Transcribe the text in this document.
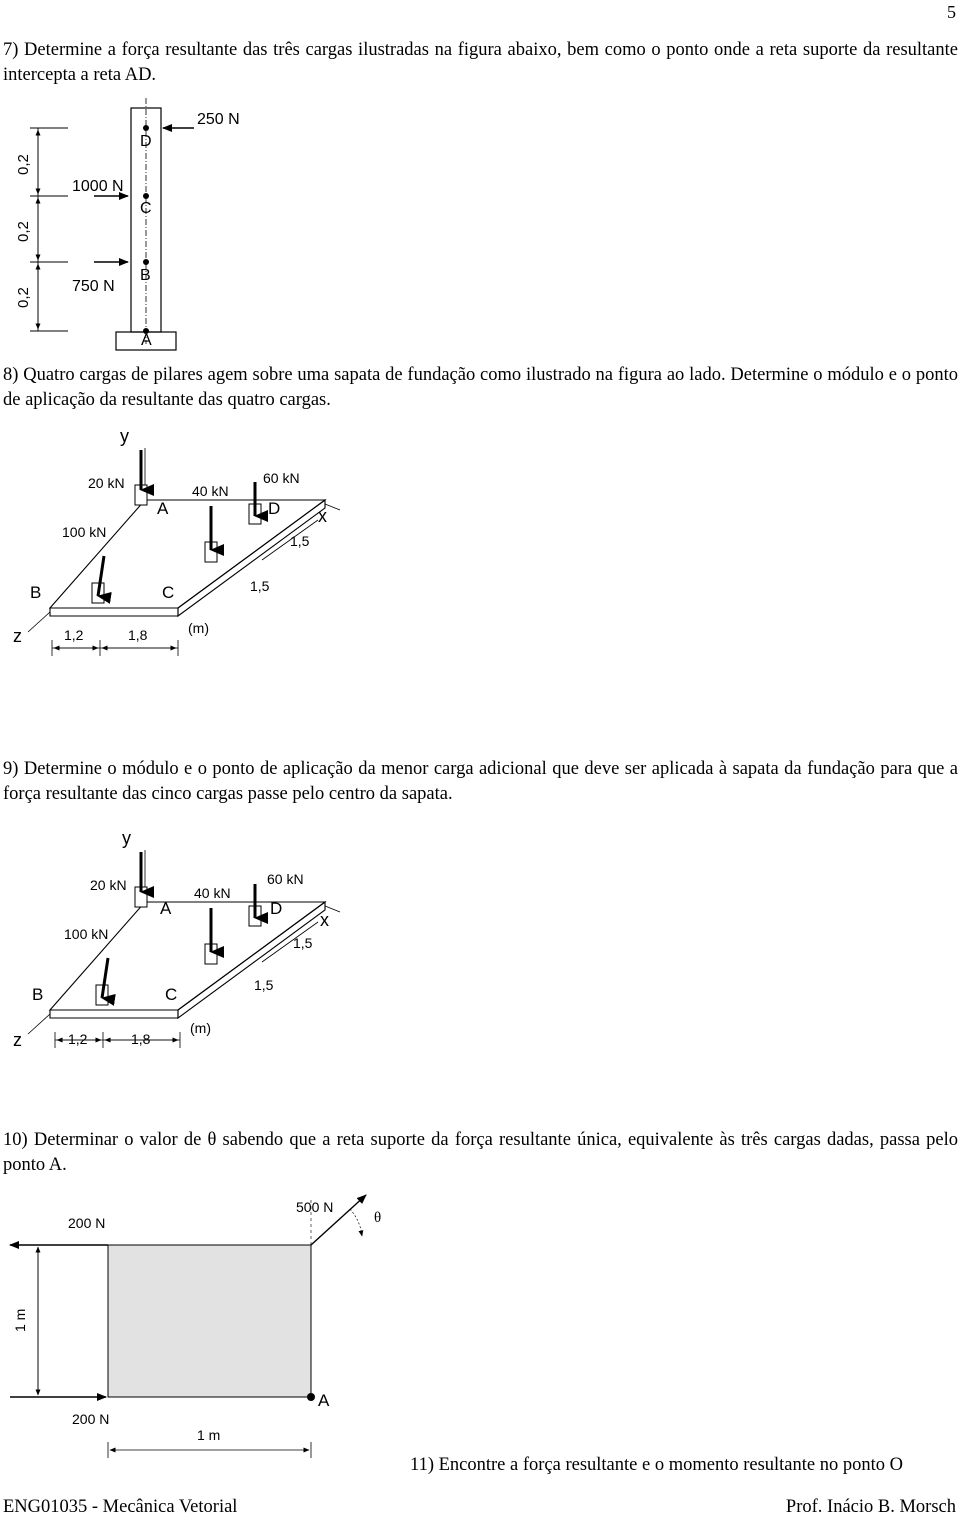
5
7) Determine a força resultante das três cargas ilustradas na figura abaixo, bem como o ponto onde a reta suporte da resultante intercepta a reta AD.
D
C
B
A
250 N
1000 N
750 N
0,2
0,2
0,2
8) Quatro cargas de pilares agem sobre uma sapata de fundação como ilustrado na figura ao lado. Determine o módulo e o ponto de aplicação da resultante das quatro cargas.
y
x
z
20 kN	40 kN
60 kN
100 kN
A	D
B	C
1,5
1,5
1,2	1,8	(m)
9) Determine o módulo e o ponto de aplicação da menor carga adicional que deve ser aplicada à sapata da fundação para que a força resultante das cinco cargas passe pelo centro da sapata.
y
x
z
20 kN	40 kN
60 kN
100 kN
A	D
B	C
1,5
1,5
1,2	1,8
(m)
10) Determinar o valor de θ sabendo que a reta suporte da força resultante única, equivalente às três cargas dadas, passa pelo ponto A.
200 N
500 N
θ
200 N
A
1 m
1 m
11) Encontre a força resultante e o momento resultante no ponto O
ENG01035 - Mecânica Vetorial	Prof. Inácio B. Morsch
